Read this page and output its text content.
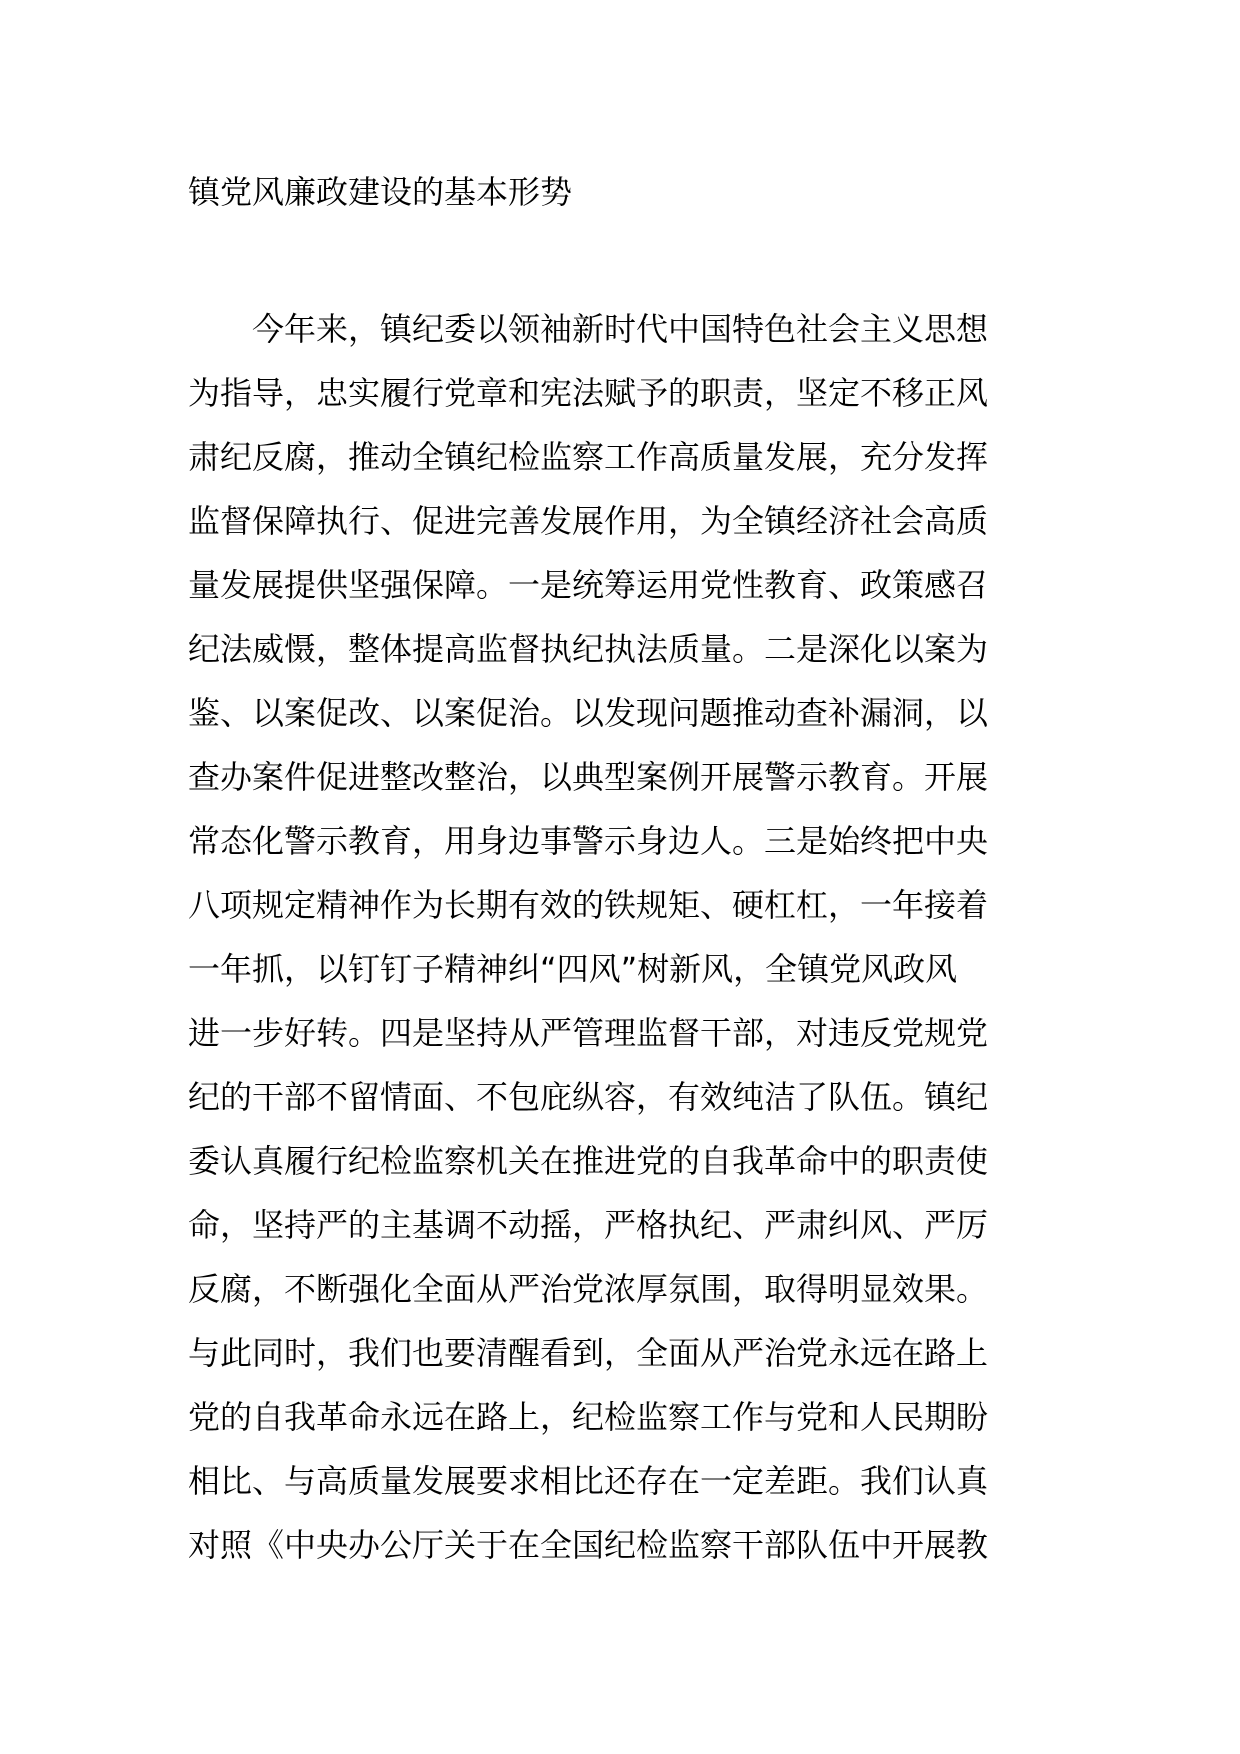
镇党风廉政建设的基本形势
今年来，镇纪委以领袖新时代中国特色社会主义思想
为指导，忠实履行党章和宪法赋予的职责，坚定不移正风
肃纪反腐，推动全镇纪检监察工作高质量发展，充分发挥
监督保障执行、促进完善发展作用，为全镇经济社会高质
量发展提供坚强保障。一是统筹运用党性教育、政策感召
纪法威慑，整体提高监督执纪执法质量。二是深化以案为
鉴、以案促改、以案促治。以发现问题推动查补漏洞，以
查办案件促进整改整治，以典型案例开展警示教育。开展
常态化警示教育，用身边事警示身边人。三是始终把中央
八项规定精神作为长期有效的铁规矩、硬杠杠，一年接着
一年抓，以钉钉子精神纠“四风”树新风，全镇党风政风
进一步好转。四是坚持从严管理监督干部，对违反党规党
纪的干部不留情面、不包庇纵容，有效纯洁了队伍。镇纪
委认真履行纪检监察机关在推进党的自我革命中的职责使
命，坚持严的主基调不动摇，严格执纪、严肃纠风、严厉
反腐，不断强化全面从严治党浓厚氛围，取得明显效果。
与此同时，我们也要清醒看到，全面从严治党永远在路上
党的自我革命永远在路上，纪检监察工作与党和人民期盼
相比、与高质量发展要求相比还存在一定差距。我们认真
对照《中央办公厅关于在全国纪检监察干部队伍中开展教
